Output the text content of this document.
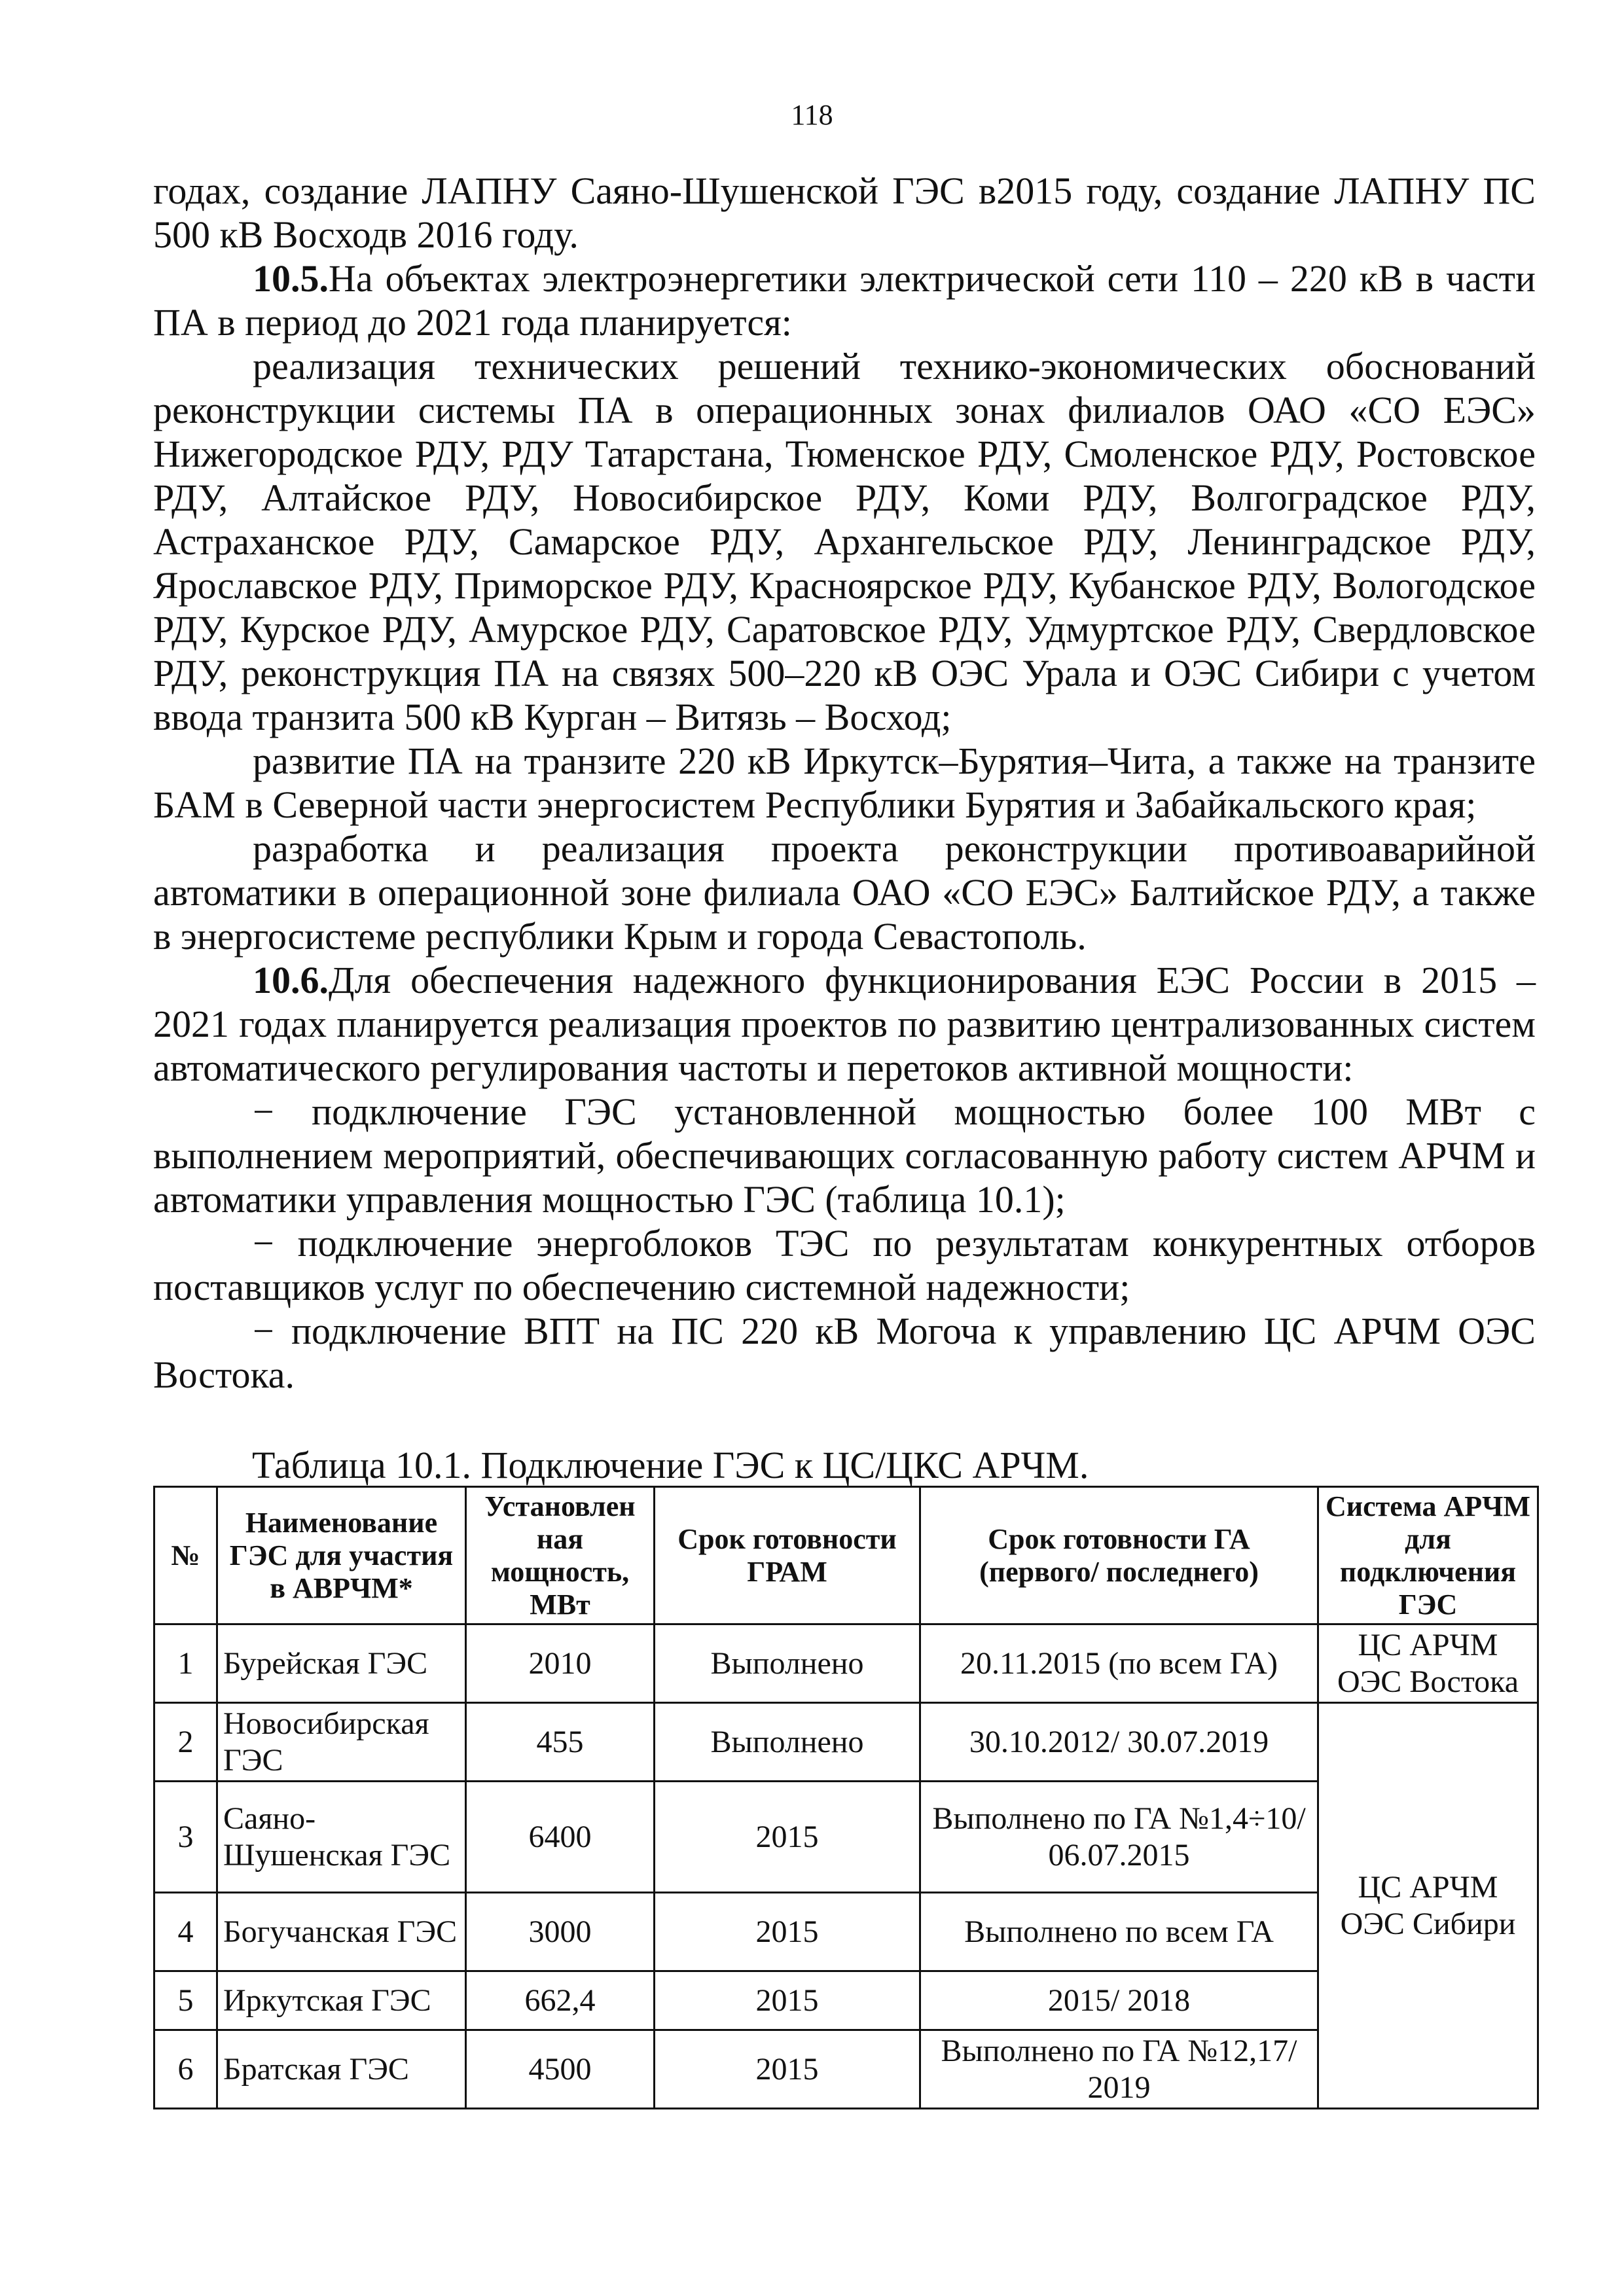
118

годах, создание ЛАПНУ Саяно-Шушенской ГЭС в2015 году, создание ЛАПНУ ПС 500 кВ Восходв 2016 году.

10.5.На объектах электроэнергетики электрической сети 110 – 220 кВ в части ПА в период до 2021 года планируется:

реализация технических решений технико-экономических обоснований реконструкции системы ПА в операционных зонах филиалов ОАО «СО ЕЭС» Нижегородское РДУ, РДУ Татарстана, Тюменское РДУ, Смоленское РДУ, Ростовское РДУ, Алтайское РДУ, Новосибирское РДУ, Коми РДУ, Волгоградское РДУ, Астраханское РДУ, Самарское РДУ, Архангельское РДУ, Ленинградское РДУ, Ярославское РДУ, Приморское РДУ, Красноярское РДУ, Кубанское РДУ, Вологодское РДУ, Курское РДУ, Амурское РДУ, Саратовское РДУ, Удмуртское РДУ, Свердловское РДУ, реконструкция ПА на связях 500–220 кВ ОЭС Урала и ОЭС Сибири с учетом ввода транзита 500 кВ Курган – Витязь – Восход;

развитие ПА на транзите 220 кВ Иркутск–Бурятия–Чита, а также на транзите БАМ в Северной части энергосистем Республики Бурятия и Забайкальского края;

разработка и реализация проекта реконструкции противоаварийной автоматики в операционной зоне филиала ОАО «СО ЕЭС» Балтийское РДУ, а также в энергосистеме республики Крым и города Севастополь.

10.6.Для обеспечения надежного функционирования ЕЭС России в 2015 – 2021 годах планируется реализация проектов по развитию централизованных систем автоматического регулирования частоты и перетоков активной мощности:

− подключение ГЭС установленной мощностью более 100 МВт с выполнением мероприятий, обеспечивающих согласованную работу систем АРЧМ и автоматики управления мощностью ГЭС (таблица 10.1);

− подключение энергоблоков ТЭС по результатам конкурентных отборов поставщиков услуг по обеспечению системной надежности;

− подключение ВПТ на ПС 220 кВ Могоча к управлению ЦС АРЧМ ОЭС Востока.

Таблица 10.1. Подключение ГЭС к ЦС/ЦКС АРЧМ.
№	Наименование ГЭС для участия в АВРЧМ*	Установлен ная мощность, МВт	Срок готовности ГРАМ	Срок готовности ГА (первого/ последнего)	Система АРЧМ для подключения ГЭС
1	Бурейская ГЭС	2010	Выполнено	20.11.2015 (по всем ГА)	ЦС АРЧМ ОЭС Востока
2	Новосибирская ГЭС	455	Выполнено	30.10.2012/ 30.07.2019	ЦС АРЧМ ОЭС Сибири
3	Саяно-Шушенская ГЭС	6400	2015	Выполнено по ГА №1,4÷10/ 06.07.2015	
4	Богучанская ГЭС	3000	2015	Выполнено по всем ГА	
5	Иркутская ГЭС	662,4	2015	2015/ 2018	
6	Братская ГЭС	4500	2015	Выполнено по ГА №12,17/ 2019	
